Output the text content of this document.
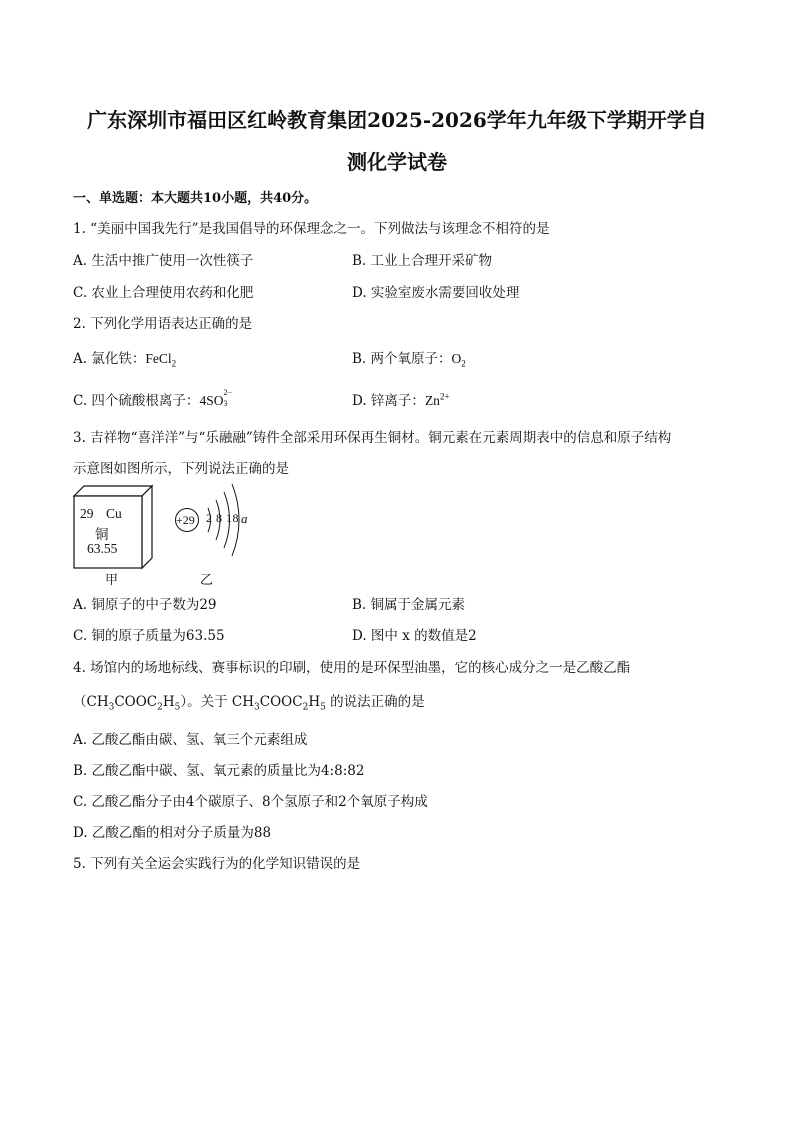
广东深圳市福田区红岭教育集团2025-2026学年九年级下学期开学自
测化学试卷
一、单选题：本大题共10小题，共40分。
1. “美丽中国我先行”是我国倡导的环保理念之一。下列做法与该理念不相符的是
A. 生活中推广使用一次性筷子	B. 工业上合理开采矿物
C. 农业上合理使用农药和化肥	D. 实验室废水需要回收处理
2. 下列化学用语表达正确的是
A. 氯化铁：FeCl$_2$	B. 两个氧原子：$O_2$
C. 四个硫酸根离子：4SO
2−
3	D. 锌离子：$Zn^{2+}$
3. 吉祥物“喜洋洋”与“乐融融”铸件全部采用环保再生铜材。铜元素在元素周期表中的信息和原子结构
示意图如图所示，下列说法正确的是
29 Cu
铜
63.55
甲
+29 2 8 18 a
乙
A. 铜原子的中子数为29	B. 铜属于金属元素
C. 铜的原子质量为63.55	D. 图中 x 的数值是2
4. 场馆内的场地标线、赛事标识的印刷，使用的是环保型油墨，它的核心成分之一是乙酸乙酯
$(CH_3COOC_2H_5)$。关于 $CH_3COOC_2H_5$ 的说法正确的是
A. 乙酸乙酯由碳、氢、氧三个元素组成
B. 乙酸乙酯中碳、氢、氧元素的质量比为4:8:82
C. 乙酸乙酯分子由4个碳原子、8个氢原子和2个氧原子构成
D. 乙酸乙酯的相对分子质量为88
5. 下列有关全运会实践行为的化学知识错误的是
